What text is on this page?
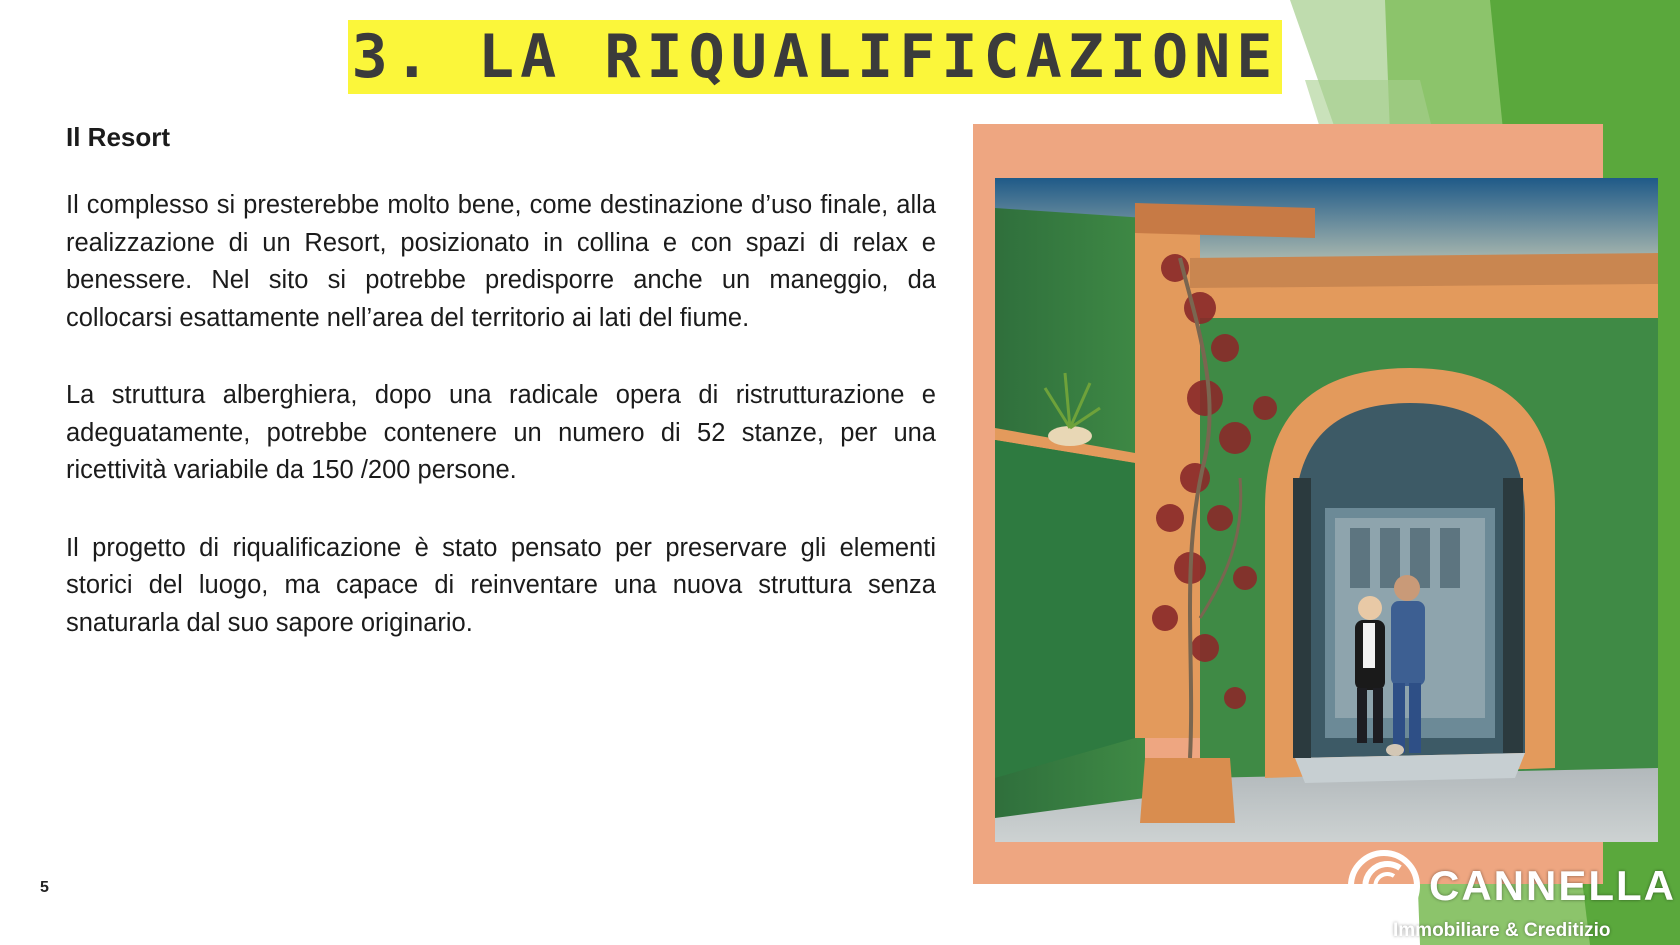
3. LA RIQUALIFICAZIONE
Il Resort

Il complesso si presterebbe molto bene, come destinazione d’uso finale, alla realizzazione di un Resort, posizionato in collina e con spazi di relax e benessere. Nel sito si potrebbe predisporre anche un maneggio, da collocarsi esattamente nell’area del territorio ai lati del fiume.

La struttura alberghiera, dopo una radicale opera di ristrutturazione e adeguatamente, potrebbe contenere un numero di 52 stanze, per una ricettività variabile da 150 /200 persone.

Il progetto di riqualificazione è stato pensato per preservare gli elementi storici del luogo, ma capace di reinventare una nuova struttura senza snaturarla dal suo sapore originario.

5	CANNELLA
Immobiliare & Creditizio
